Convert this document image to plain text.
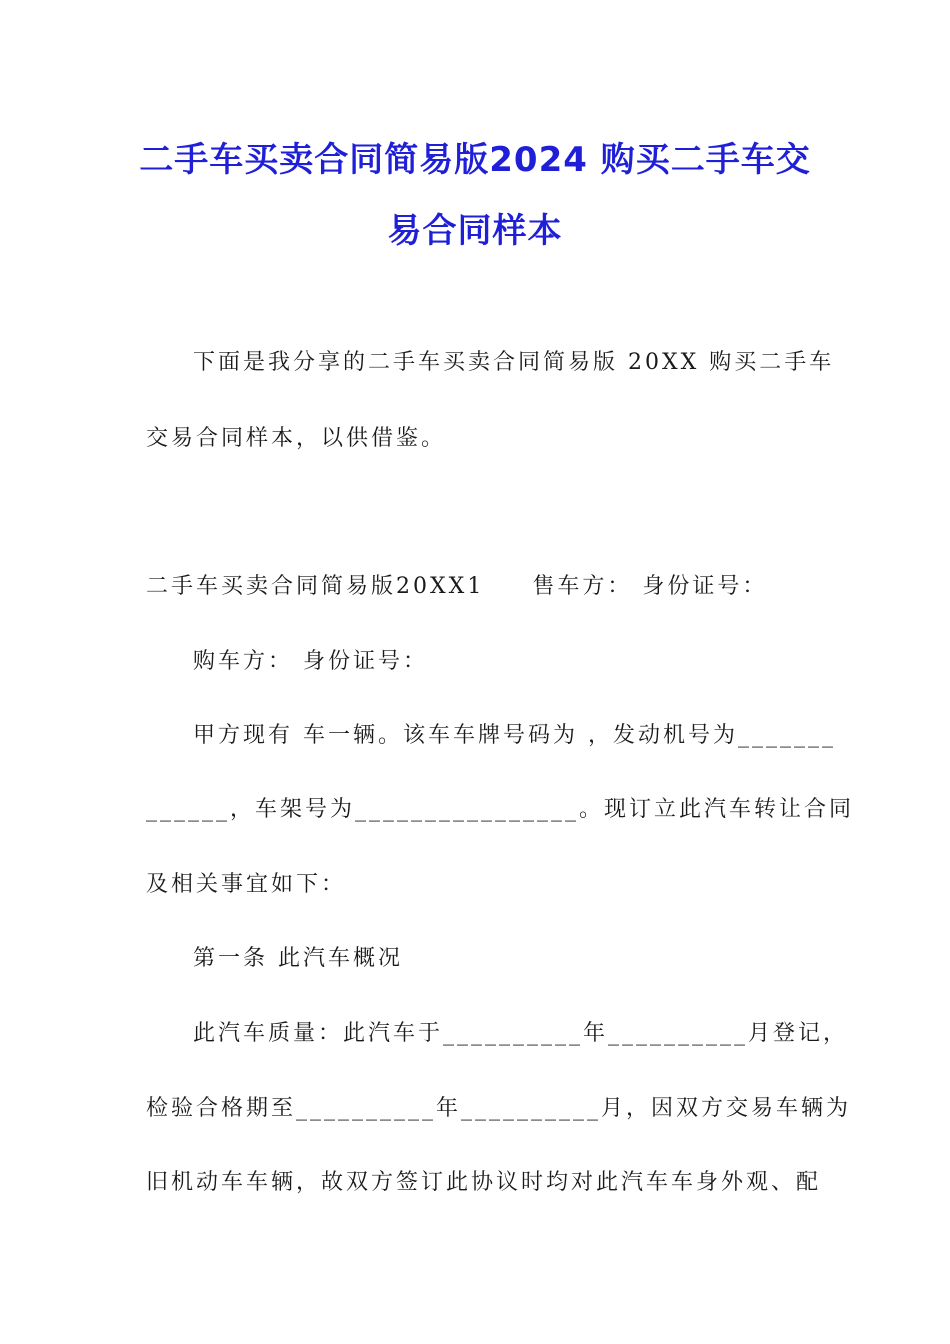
二手车买卖合同简易版2024 购买二手车交
易合同样本

下面是我分享的二手车买卖合同简易版 20XX 购买二手车

交易合同样本，以供借鉴。

二手车买卖合同简易版20XX1 售车方： 身份证号：

购车方： 身份证号：

甲方现有 车一辆。该车车牌号码为 ，发动机号为_______

______，车架号为________________。现订立此汽车转让合同

及相关事宜如下：

第一条 此汽车概况

此汽车质量：此汽车于__________年__________月登记，

检验合格期至__________年__________月，因双方交易车辆为

旧机动车车辆，故双方签订此协议时均对此汽车车身外观、配
